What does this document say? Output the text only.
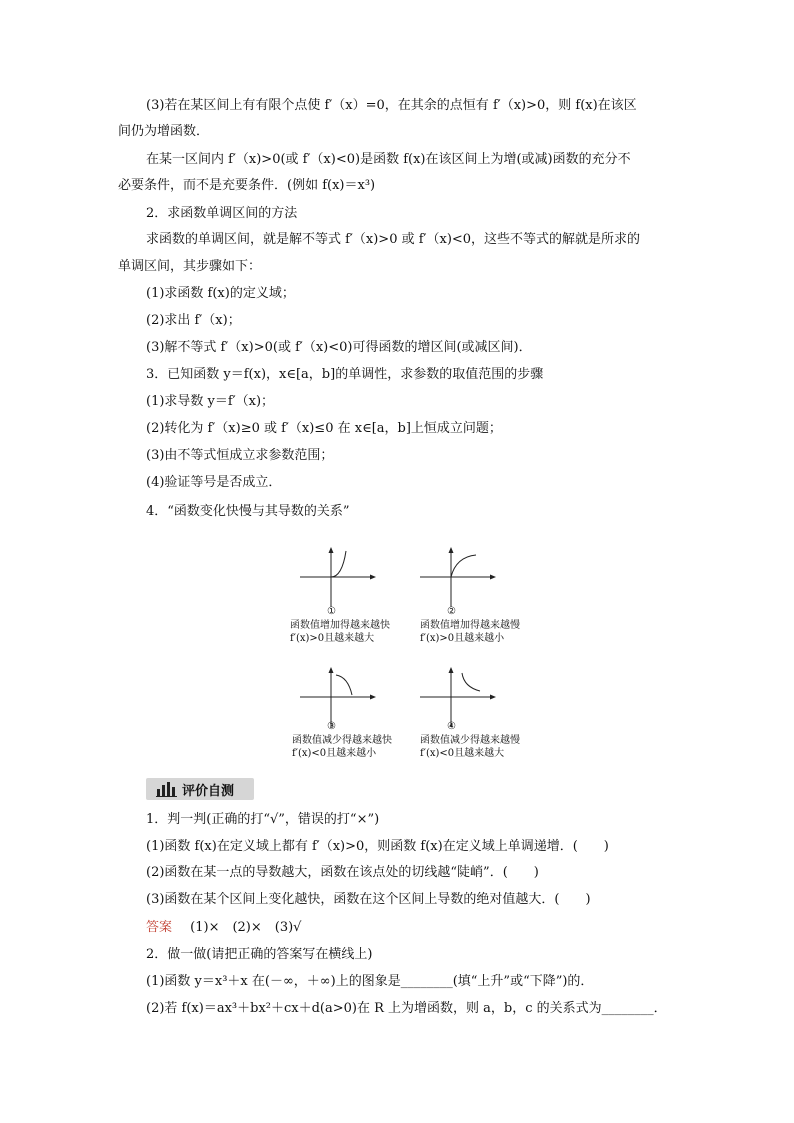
(3)若在某区间上有有限个点使 f′（x）=0，在其余的点恒有 f′（x)>0，则 f(x)在该区
间仍为增函数．
在某一区间内 f′（x)>0(或 f′（x)<0)是函数 f(x)在该区间上为增(或减)函数的充分不
必要条件，而不是充要条件．(例如 f(x)＝x³)
2．求函数单调区间的方法
求函数的单调区间，就是解不等式 f′（x)>0 或 f′（x)<0，这些不等式的解就是所求的
单调区间，其步骤如下：
(1)求函数 f(x)的定义域；
(2)求出 f′（x)；
(3)解不等式 f′（x)>0(或 f′（x)<0)可得函数的增区间(或减区间)．
3．已知函数 y＝f(x)，x∈[a，b]的单调性，求参数的取值范围的步骤
(1)求导数 y＝f′（x)；
(2)转化为 f′（x)≥0 或 f′（x)≤0 在 x∈[a，b]上恒成立问题；
(3)由不等式恒成立求参数范围；
(4)验证等号是否成立．
4．“函数变化快慢与其导数的关系”
①
函数值增加得越来越快
f′(x)>0且越来越大
②
函数值增加得越来越慢
f′(x)>0且越来越小
③
函数值减少得越来越快
f′(x)<0且越来越小
④
函数值减少得越来越慢
f′(x)<0且越来越大
评价自测
1．判一判(正确的打“√”，错误的打“×”)
(1)函数 f(x)在定义域上都有 f′（x)>0，则函数 f(x)在定义域上单调递增．(　　)
(2)函数在某一点的导数越大，函数在该点处的切线越“陡峭”．(　　)
(3)函数在某个区间上变化越快，函数在这个区间上导数的绝对值越大．(　　)
答案 (1)×　(2)×　(3)√
2．做一做(请把正确的答案写在横线上)
(1)函数 y＝x³＋x 在(－∞，＋∞)上的图象是________(填“上升”或“下降”)的．
(2)若 f(x)＝ax³＋bx²＋cx＋d(a>0)在 R 上为增函数，则 a，b，c 的关系式为________．
